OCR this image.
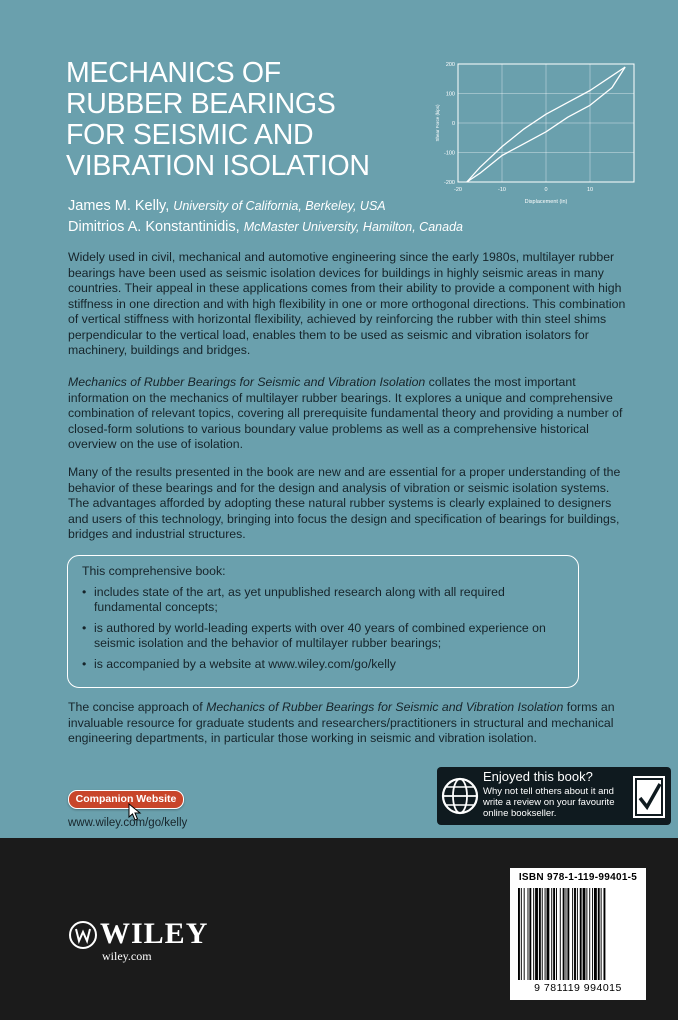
MECHANICS OF
RUBBER BEARINGS
FOR SEISMIC AND
VIBRATION ISOLATION
James M. Kelly, University of California, Berkeley, USA
Dimitrios A. Konstantinidis, McMaster University, Hamilton, Canada
-20	-10	0	10
200
100
0
-100
-200
Displacement (in)
Shear Force (kips)

Widely used in civil, mechanical and automotive engineering since the early 1980s, multilayer rubber bearings have been used as seismic isolation devices for buildings in highly seismic areas in many countries. Their appeal in these applications comes from their ability to provide a component with high stiffness in one direction and with high flexibility in one or more orthogonal directions. This combination of vertical stiffness with horizontal flexibility, achieved by reinforcing the rubber with thin steel shims perpendicular to the vertical load, enables them to be used as seismic and vibration isolators for machinery, buildings and bridges.

Mechanics of Rubber Bearings for Seismic and Vibration Isolation collates the most important information on the mechanics of multilayer rubber bearings. It explores a unique and comprehensive combination of relevant topics, covering all prerequisite fundamental theory and providing a number of closed-form solutions to various boundary value problems as well as a comprehensive historical overview on the use of isolation.

Many of the results presented in the book are new and are essential for a proper understanding of the behavior of these bearings and for the design and analysis of vibration or seismic isolation systems. The advantages afforded by adopting these natural rubber systems is clearly explained to designers and users of this technology, bringing into focus the design and specification of bearings for buildings, bridges and industrial structures.

This comprehensive book:
• includes state of the art, as yet unpublished research along with all required fundamental concepts;
• is authored by world-leading experts with over 40 years of combined experience on seismic isolation and the behavior of multilayer rubber bearings;
• is accompanied by a website at www.wiley.com/go/kelly

The concise approach of Mechanics of Rubber Bearings for Seismic and Vibration Isolation forms an invaluable resource for graduate students and researchers/practitioners in structural and mechanical engineering departments, in particular those working in seismic and vibration isolation.

Enjoyed this book?
Why not tell others about it and write a review on your favourite online bookseller.
Companion Website
www.wiley.com/go/kelly
WILEY
wiley.com
ISBN 978-1-119-99401-5
9 781119 994015
